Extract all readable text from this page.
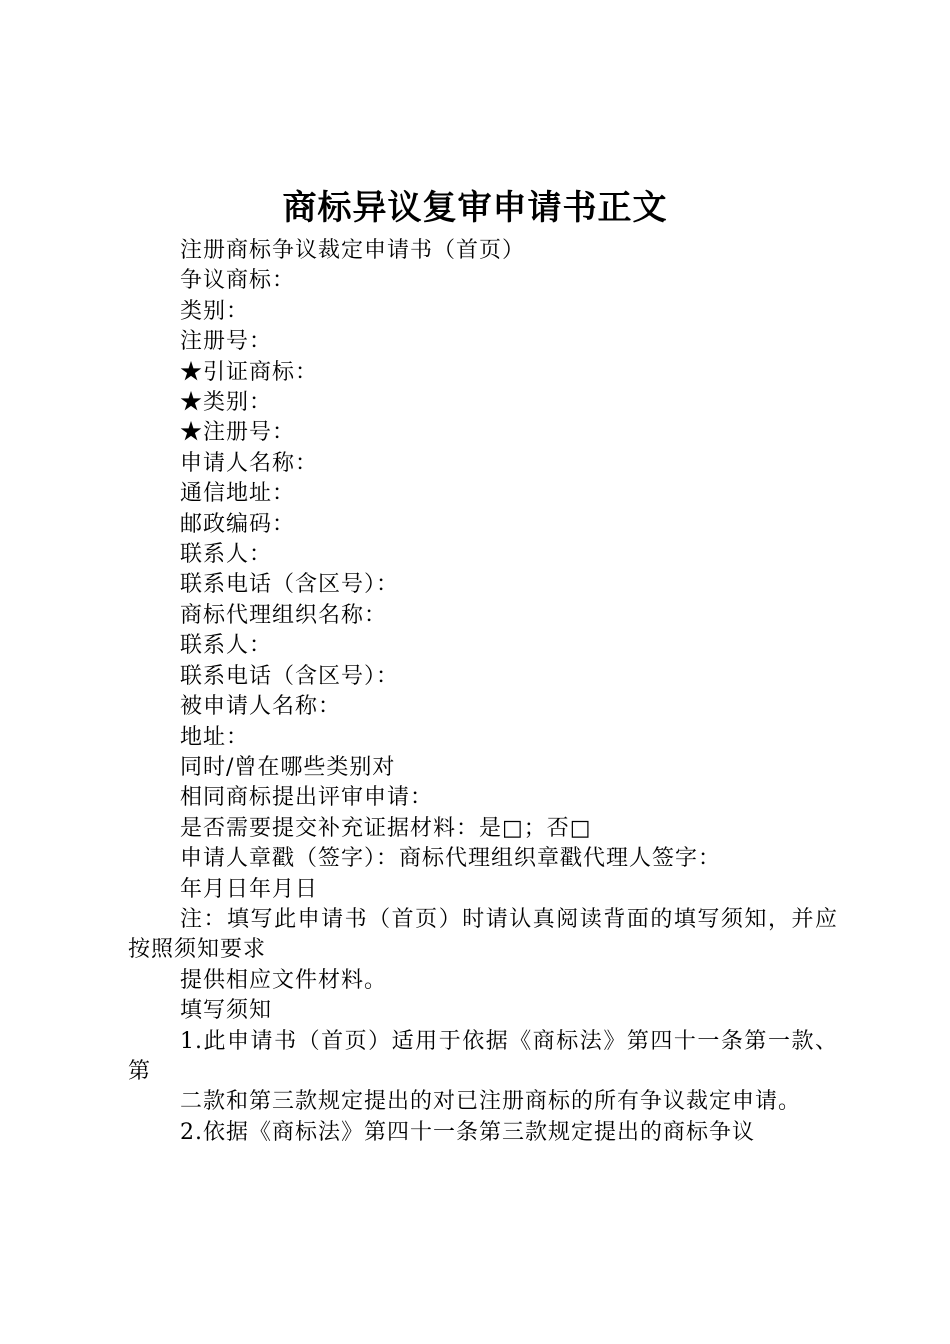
商标异议复审申请书正文
注册商标争议裁定申请书（首页）
争议商标：
类别：
注册号：
★引证商标：
★类别：
★注册号：
申请人名称：
通信地址：
邮政编码：
联系人：
联系电话（含区号）：
商标代理组织名称：
联系人：
联系电话（含区号）：
被申请人名称：
地址：
同时/曾在哪些类别对
相同商标提出评审申请：
是否需要提交补充证据材料：是□；否□
申请人章戳（签字）：商标代理组织章戳代理人签字：
年月日年月日
注：填写此申请书（首页）时请认真阅读背面的填写须知，并应按照须知要求
提供相应文件材料。
填写须知
1.此申请书（首页）适用于依据《商标法》第四十一条第一款、第
二款和第三款规定提出的对已注册商标的所有争议裁定申请。
2.依据《商标法》第四十一条第三款规定提出的商标争议
